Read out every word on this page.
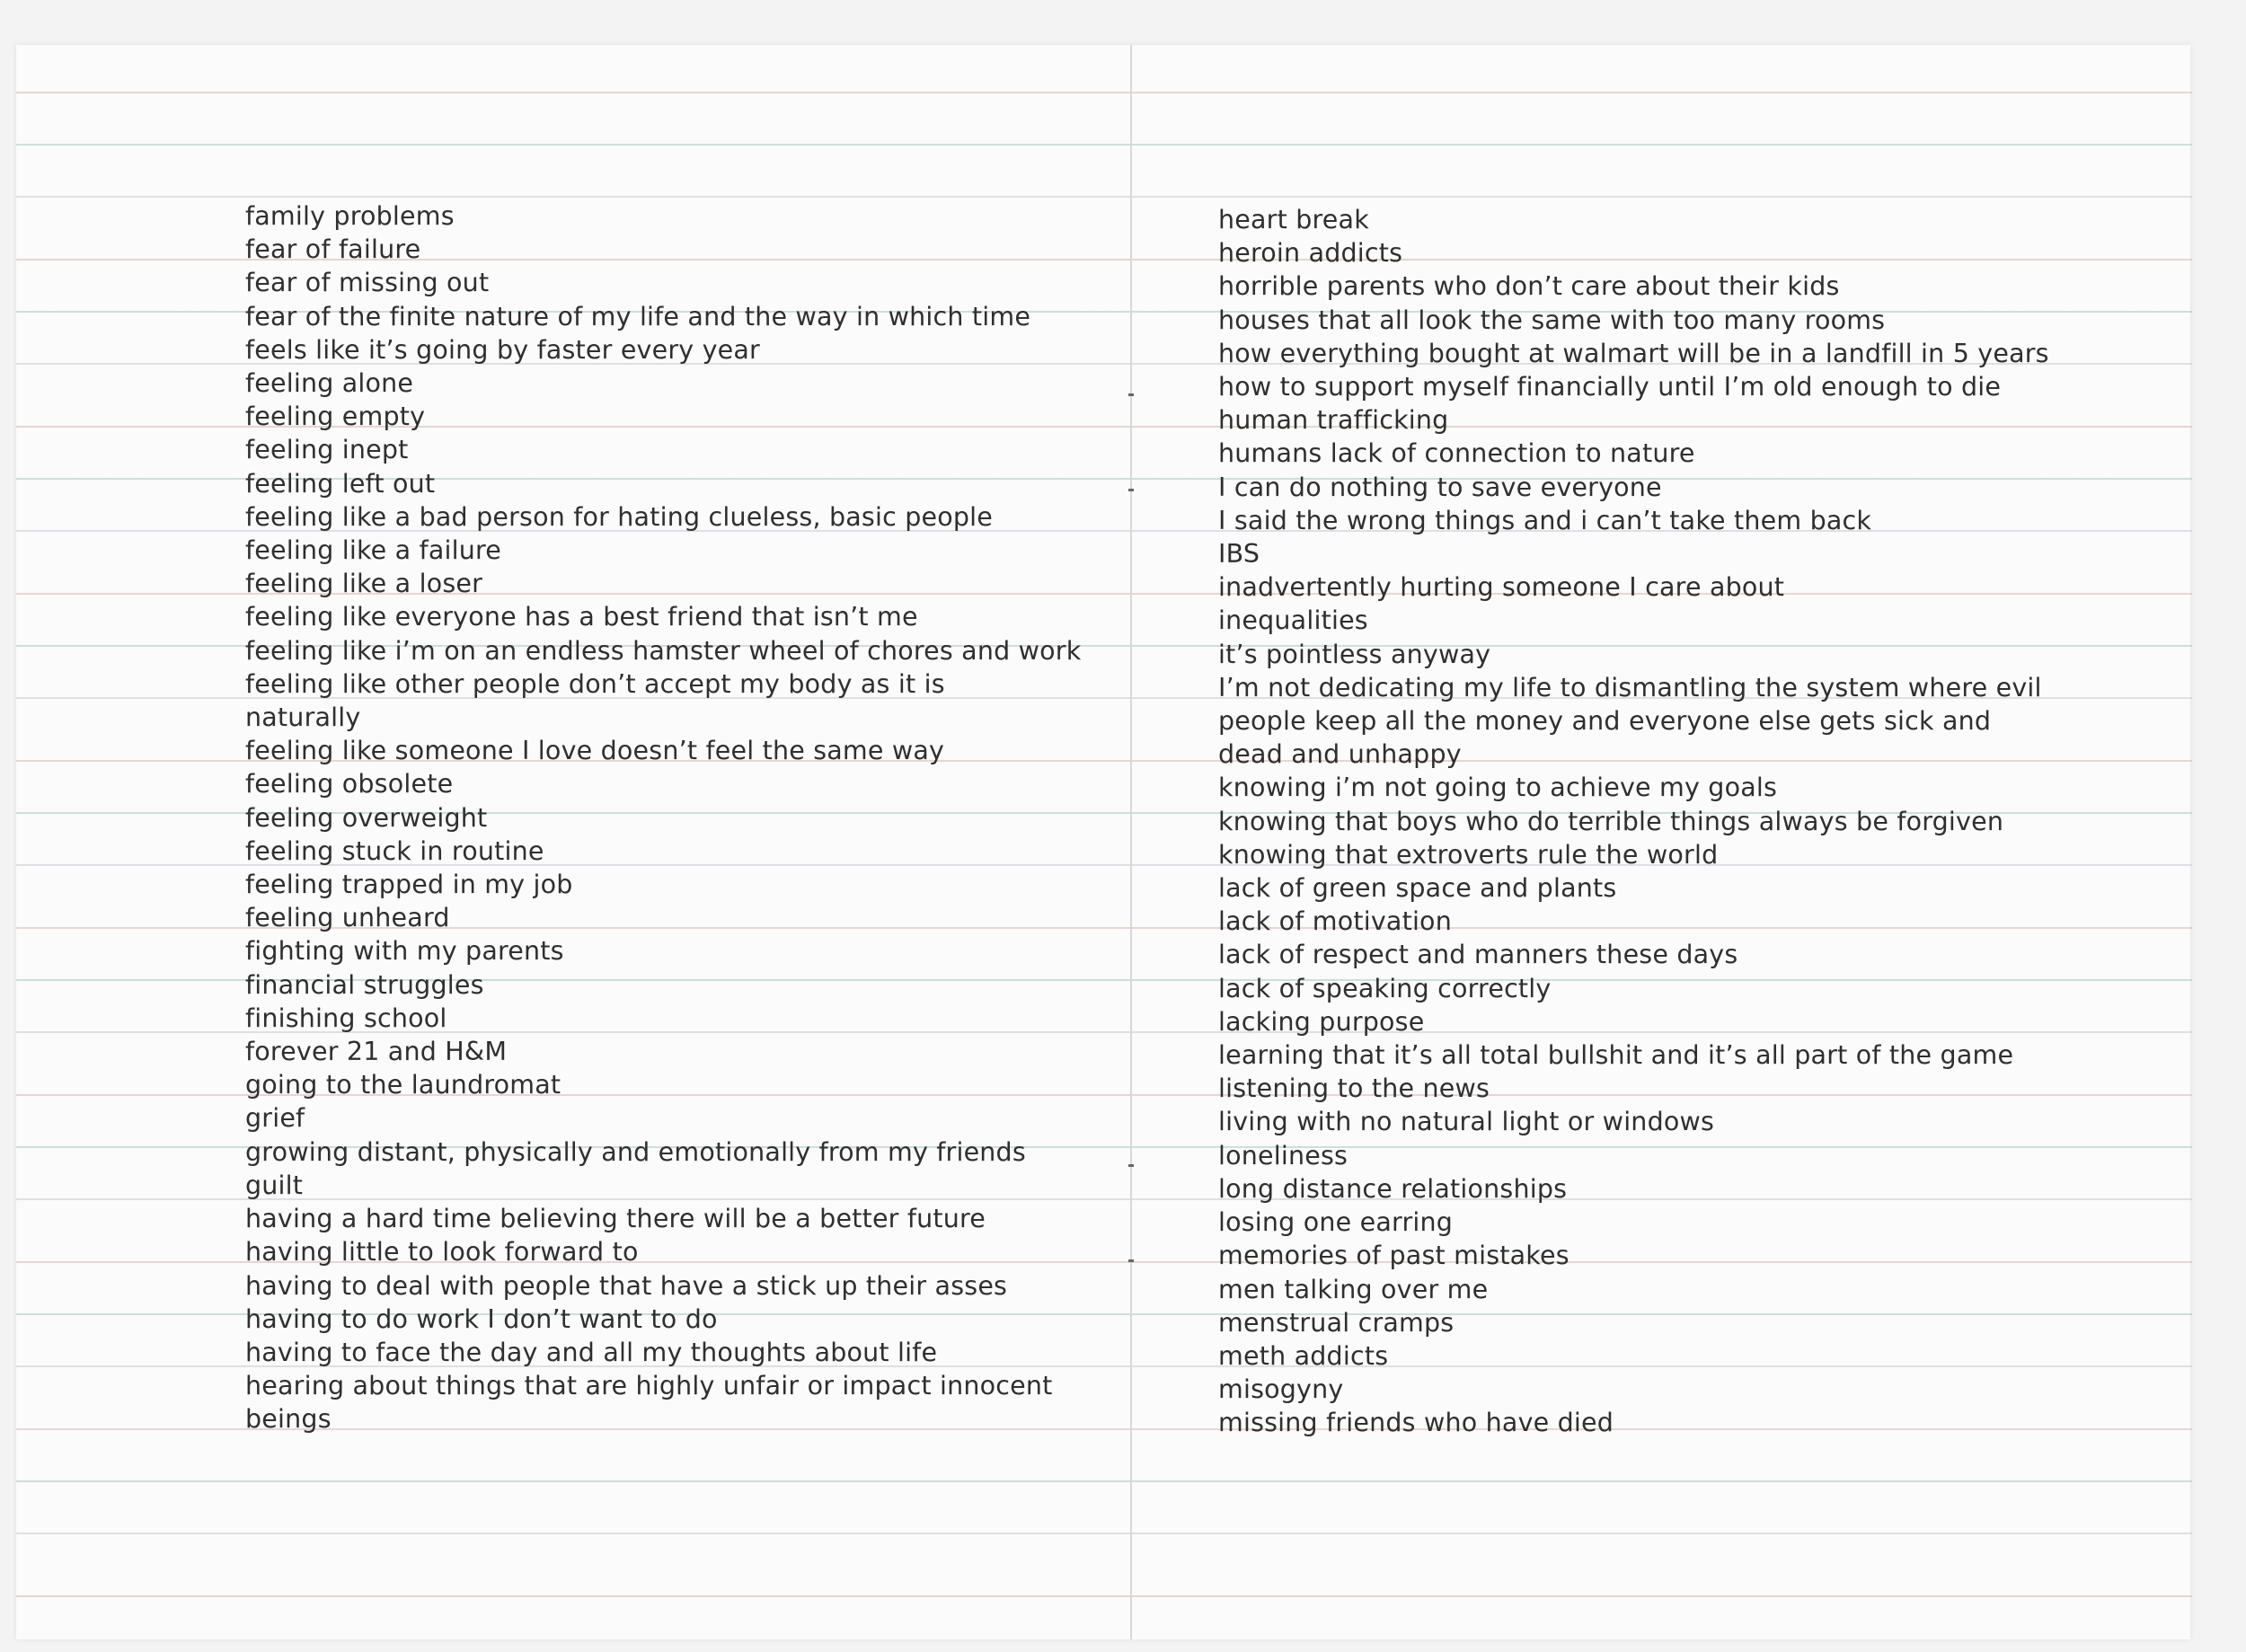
family problems
fear of failure
fear of missing out
fear of the finite nature of my life and the way in which time
feels like it’s going by faster every year
feeling alone
feeling empty
feeling inept
feeling left out
feeling like a bad person for hating clueless, basic people
feeling like a failure
feeling like a loser
feeling like everyone has a best friend that isn’t me
feeling like i’m on an endless hamster wheel of chores and work
feeling like other people don’t accept my body as it is
naturally
feeling like someone I love doesn’t feel the same way
feeling obsolete
feeling overweight
feeling stuck in routine
feeling trapped in my job
feeling unheard
fighting with my parents
financial struggles
finishing school
forever 21 and H&M
going to the laundromat
grief
growing distant, physically and emotionally from my friends
guilt
having a hard time believing there will be a better future
having little to look forward to
having to deal with people that have a stick up their asses
having to do work I don’t want to do
having to face the day and all my thoughts about life
hearing about things that are highly unfair or impact innocent
beings
heart break
heroin addicts
horrible parents who don’t care about their kids
houses that all look the same with too many rooms
how everything bought at walmart will be in a landfill in 5 years
how to support myself financially until I’m old enough to die
human trafficking
humans lack of connection to nature
I can do nothing to save everyone
I said the wrong things and i can’t take them back
IBS
inadvertently hurting someone I care about
inequalities
it’s pointless anyway
I’m not dedicating my life to dismantling the system where evil
people keep all the money and everyone else gets sick and
dead and unhappy
knowing i’m not going to achieve my goals
knowing that boys who do terrible things always be forgiven
knowing that extroverts rule the world
lack of green space and plants
lack of motivation
lack of respect and manners these days
lack of speaking correctly
lacking purpose
learning that it’s all total bullshit and it’s all part of the game
listening to the news
living with no natural light or windows
loneliness
long distance relationships
losing one earring
memories of past mistakes
men talking over me
menstrual cramps
meth addicts
misogyny
missing friends who have died
